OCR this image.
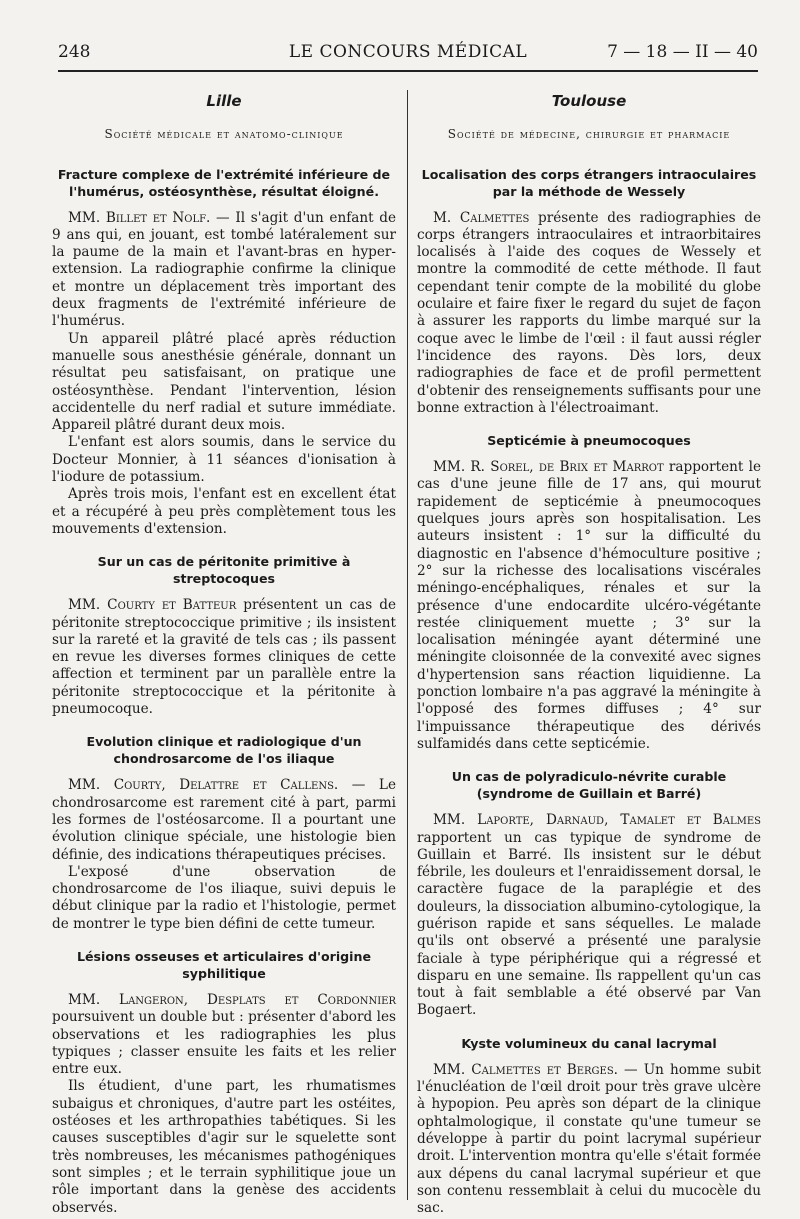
248	LE CONCOURS MÉDICAL	7 — 18 — II — 40
Lille
Société médicale et anatomo-clinique
Fracture complexe de l'extrémité inférieure de l'humérus, ostéosynthèse, résultat éloigné.

MM. Billet et Nolf. — Il s'agit d'un enfant de 9 ans qui, en jouant, est tombé latéralement sur la paume de la main et l'avant-bras en hyper-extension. La radiographie confirme la clinique et montre un déplacement très important des deux fragments de l'extrémité inférieure de l'humérus.

Un appareil plâtré placé après réduction manuelle sous anesthésie générale, donnant un résultat peu satisfaisant, on pratique une ostéosynthèse. Pendant l'intervention, lésion accidentelle du nerf radial et suture immédiate. Appareil plâtré durant deux mois.

L'enfant est alors soumis, dans le service du Docteur Monnier, à 11 séances d'ionisation à l'iodure de potassium.

Après trois mois, l'enfant est en excellent état et a récupéré à peu près complètement tous les mouvements d'extension.

Sur un cas de péritonite primitive à streptocoques

MM. Courty et Batteur présentent un cas de péritonite streptococcique primitive ; ils insistent sur la rareté et la gravité de tels cas ; ils passent en revue les diverses formes cliniques de cette affection et terminent par un parallèle entre la péritonite streptococcique et la péritonite à pneumocoque.

Evolution clinique et radiologique d'un chondrosarcome de l'os iliaque

MM. Courty, Delattre et Callens. — Le chondrosarcome est rarement cité à part, parmi les formes de l'ostéosarcome. Il a pourtant une évolution clinique spéciale, une histologie bien définie, des indications thérapeutiques précises.

L'exposé d'une observation de chondrosarcome de l'os iliaque, suivi depuis le début clinique par la radio et l'histologie, permet de montrer le type bien défini de cette tumeur.

Lésions osseuses et articulaires d'origine syphilitique

MM. Langeron, Desplats et Cordonnier poursuivent un double but : présenter d'abord les observations et les radiographies les plus typiques ; classer ensuite les faits et les relier entre eux.

Ils étudient, d'une part, les rhumatismes subaigus et chroniques, d'autre part les ostéites, ostéoses et les arthropathies tabétiques. Si les causes susceptibles d'agir sur le squelette sont très nombreuses, les mécanismes pathogéniques sont simples ; et le terrain syphilitique joue un rôle important dans la genèse des accidents observés.

Toulouse
Société de médecine, chirurgie et pharmacie
Localisation des corps étrangers intraoculaires par la méthode de Wessely

M. Calmettes présente des radiographies de corps étrangers intraoculaires et intraorbitaires localisés à l'aide des coques de Wessely et montre la commodité de cette méthode. Il faut cependant tenir compte de la mobilité du globe oculaire et faire fixer le regard du sujet de façon à assurer les rapports du limbe marqué sur la coque avec le limbe de l'œil : il faut aussi régler l'incidence des rayons. Dès lors, deux radiographies de face et de profil permettent d'obtenir des renseignements suffisants pour une bonne extraction à l'électroaimant.

Septicémie à pneumocoques

MM. R. Sorel, de Brix et Marrot rapportent le cas d'une jeune fille de 17 ans, qui mourut rapidement de septicémie à pneumocoques quelques jours après son hospitalisation. Les auteurs insistent : 1° sur la difficulté du diagnostic en l'absence d'hémoculture positive ; 2° sur la richesse des localisations viscérales méningo-encéphaliques, rénales et sur la présence d'une endocardite ulcéro-végétante restée cliniquement muette ; 3° sur la localisation méningée ayant déterminé une méningite cloisonnée de la convexité avec signes d'hypertension sans réaction liquidienne. La ponction lombaire n'a pas aggravé la méningite à l'opposé des formes diffuses ; 4° sur l'impuissance thérapeutique des dérivés sulfamidés dans cette septicémie.

Un cas de polyradiculo-névrite curable (syndrome de Guillain et Barré)

MM. Laporte, Darnaud, Tamalet et Balmes rapportent un cas typique de syndrome de Guillain et Barré. Ils insistent sur le début fébrile, les douleurs et l'enraidissement dorsal, le caractère fugace de la paraplégie et des douleurs, la dissociation albumino-cytologique, la guérison rapide et sans séquelles. Le malade qu'ils ont observé a présenté une paralysie faciale à type périphérique qui a régressé et disparu en une semaine. Ils rappellent qu'un cas tout à fait semblable a été observé par Van Bogaert.

Kyste volumineux du canal lacrymal

MM. Calmettes et Berges. — Un homme subit l'énucléation de l'œil droit pour très grave ulcère à hypopion. Peu après son départ de la clinique ophtalmologique, il constate qu'une tumeur se développe à partir du point lacrymal supérieur droit. L'intervention montra qu'elle s'était formée aux dépens du canal lacrymal supérieur et que son contenu ressemblait à celui du mucocèle du sac.
